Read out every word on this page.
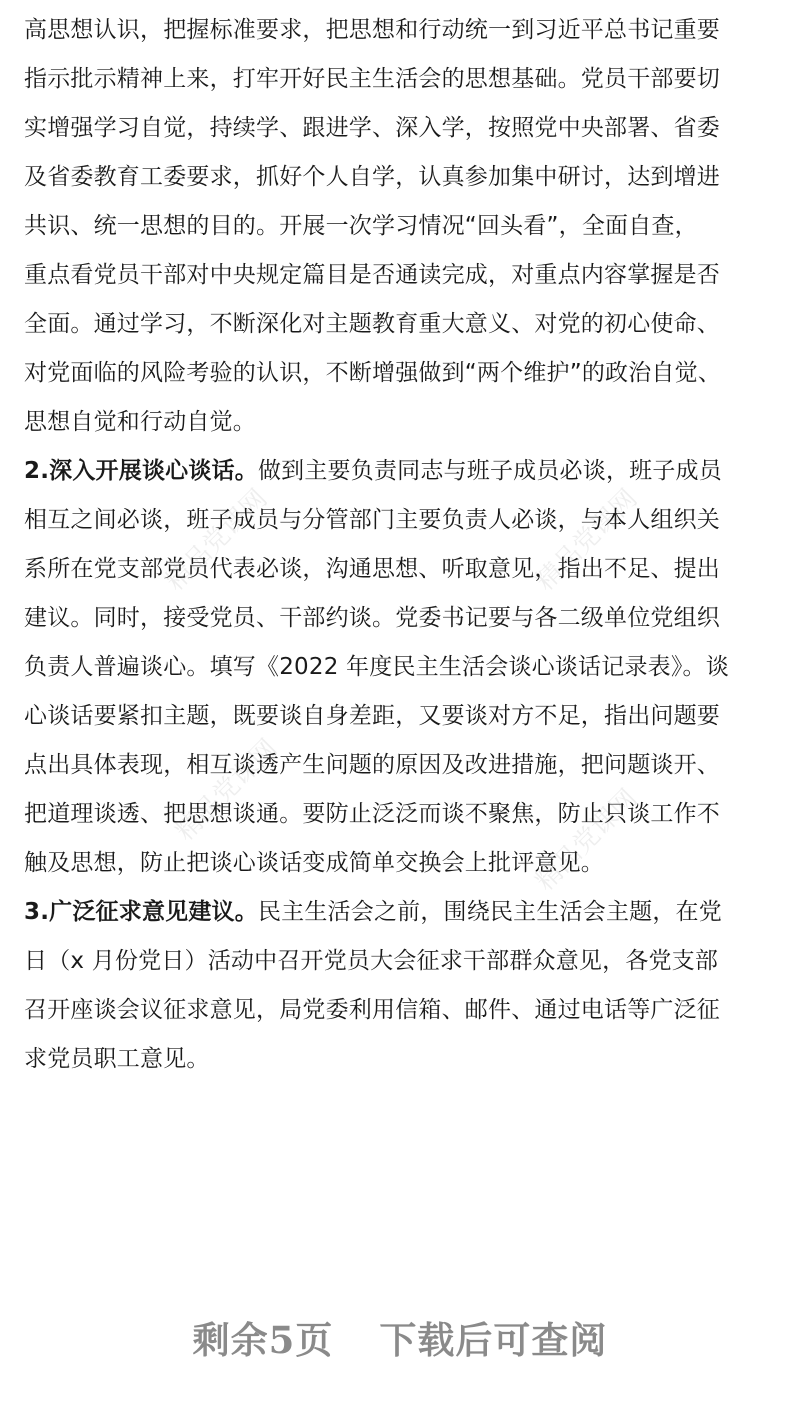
精品党课网	精品党课网
精品党课网	精品党课网
高思想认识，把握标准要求，把思想和行动统一到习近平总书记重要
指示批示精神上来，打牢开好民主生活会的思想基础。党员干部要切
实增强学习自觉，持续学、跟进学、深入学，按照党中央部署、省委
及省委教育工委要求，抓好个人自学，认真参加集中研讨，达到增进
共识、统一思想的目的。开展一次学习情况“回头看”，全面自查，
重点看党员干部对中央规定篇目是否通读完成，对重点内容掌握是否
全面。通过学习，不断深化对主题教育重大意义、对党的初心使命、
对党面临的风险考验的认识，不断增强做到“两个维护”的政治自觉、
思想自觉和行动自觉。
2.深入开展谈心谈话。做到主要负责同志与班子成员必谈，班子成员
相互之间必谈，班子成员与分管部门主要负责人必谈，与本人组织关
系所在党支部党员代表必谈，沟通思想、听取意见，指出不足、提出
建议。同时，接受党员、干部约谈。党委书记要与各二级单位党组织
负责人普遍谈心。填写《2022 年度民主生活会谈心谈话记录表》。谈
心谈话要紧扣主题，既要谈自身差距，又要谈对方不足，指出问题要
点出具体表现，相互谈透产生问题的原因及改进措施，把问题谈开、
把道理谈透、把思想谈通。要防止泛泛而谈不聚焦，防止只谈工作不
触及思想，防止把谈心谈话变成简单交换会上批评意见。
3.广泛征求意见建议。民主生活会之前，围绕民主生活会主题，在党
日（x 月份党日）活动中召开党员大会征求干部群众意见，各党支部
召开座谈会议征求意见，局党委利用信箱、邮件、通过电话等广泛征
求党员职工意见。
剩余5页 下载后可查阅
